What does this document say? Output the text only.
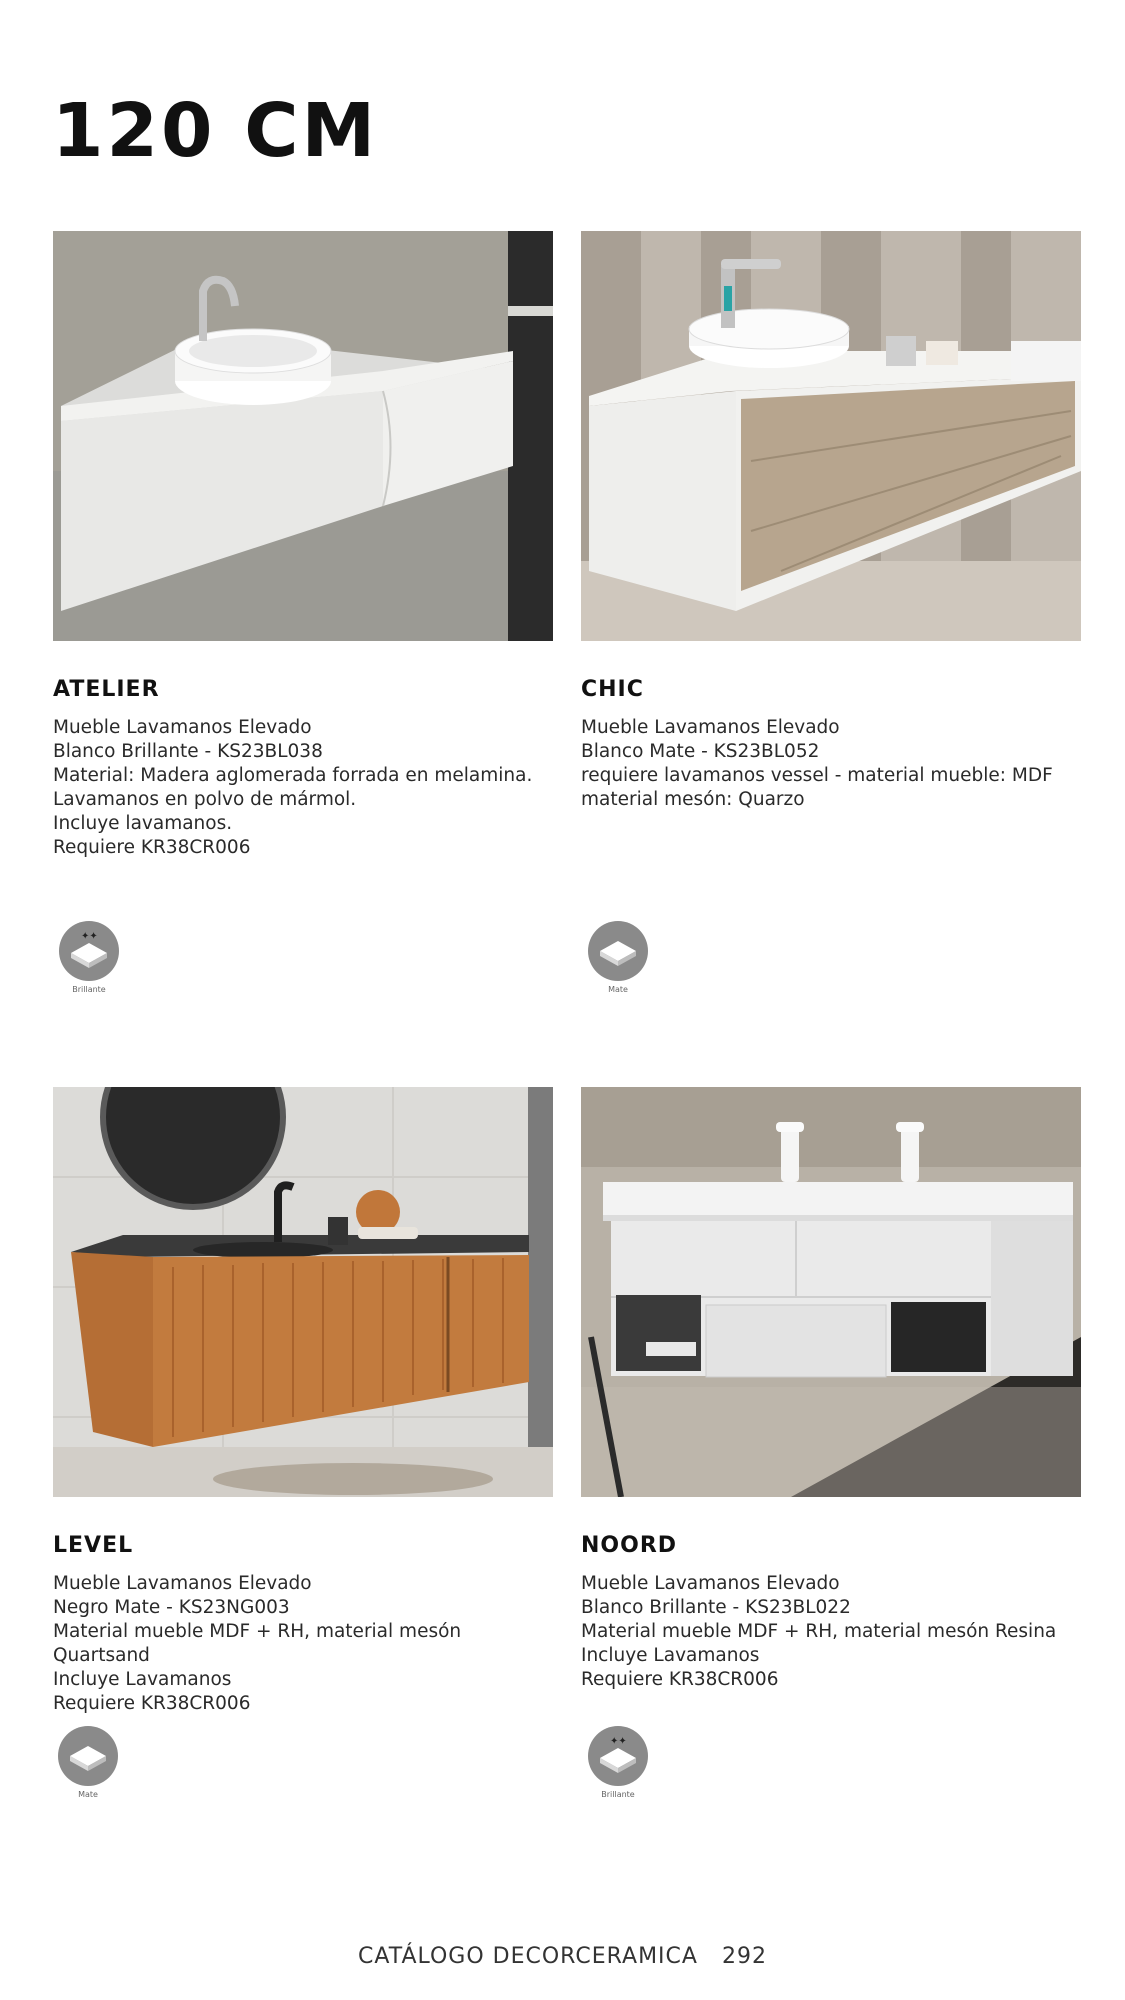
120 CM
ATELIER
Mueble Lavamanos Elevado
Blanco Brillante - KS23BL038
Material: Madera aglomerada forrada en melamina.
Lavamanos en polvo de mármol.
Incluye lavamanos.
Requiere KR38CR006
✦✦
Brillante
CHIC
Mueble Lavamanos Elevado
Blanco Mate - KS23BL052
requiere lavamanos vessel - material mueble: MDF
material mesón: Quarzo
Mate
LEVEL
Mueble Lavamanos Elevado
Negro Mate - KS23NG003
Material mueble MDF + RH, material mesón
Quartsand
Incluye Lavamanos
Requiere KR38CR006
Mate
NOORD
Mueble Lavamanos Elevado
Blanco Brillante - KS23BL022
Material mueble MDF + RH, material mesón Resina
Incluye Lavamanos
Requiere KR38CR006
✦✦
Brillante
CATÁLOGO DECORCERAMICA 292
